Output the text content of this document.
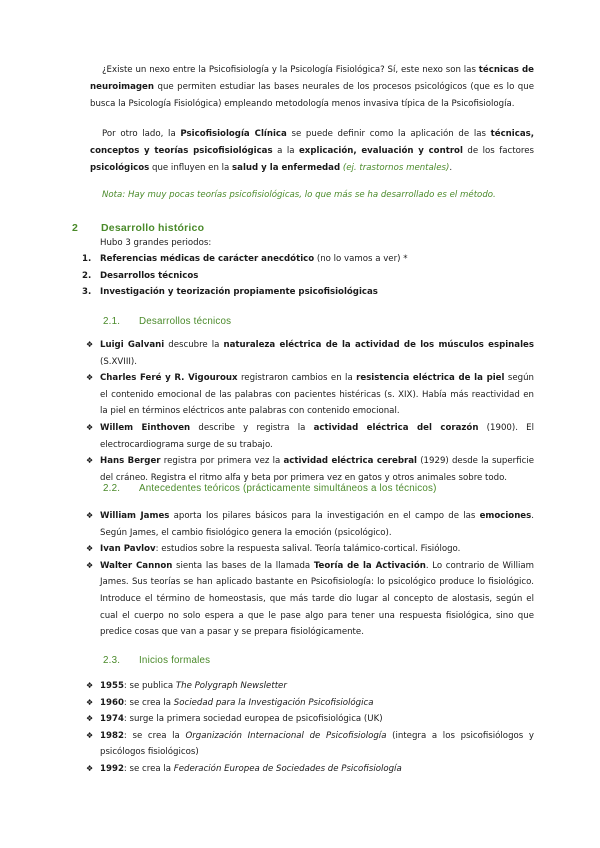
¿Existe un nexo entre la Psicofisiología y la Psicología Fisiológica? Sí, este nexo son las técnicas de neuroimagen que permiten estudiar las bases neurales de los procesos psicológicos (que es lo que busca la Psicología Fisiológica) empleando metodología menos invasiva típica de la Psicofisiología.
Por otro lado, la Psicofisiología Clínica se puede definir como la aplicación de las técnicas, conceptos y teorías psicofisiológicas a la explicación, evaluación y control de los factores psicológicos que influyen en la salud y la enfermedad (ej. trastornos mentales).
Nota: Hay muy pocas teorías psicofisiológicas, lo que más se ha desarrollado es el método.
2 Desarrollo histórico
Hubo 3 grandes periodos:
1.	Referencias médicas de carácter anecdótico (no lo vamos a ver) *
2.	Desarrollos técnicos
3.	Investigación y teorización propiamente psicofisiológicas
2.1. Desarrollos técnicos
❖ Luigi Galvani descubre la naturaleza eléctrica de la actividad de los músculos espinales (S.XVIII).
❖ Charles Feré y R. Vigouroux registraron cambios en la resistencia eléctrica de la piel según el contenido emocional de las palabras con pacientes histéricas (s. XIX). Había más reactividad en la piel en términos eléctricos ante palabras con contenido emocional.
❖ Willem Einthoven describe y registra la actividad eléctrica del corazón (1900). El electrocardiograma surge de su trabajo.
❖ Hans Berger registra por primera vez la actividad eléctrica cerebral (1929) desde la superficie del cráneo. Registra el ritmo alfa y beta por primera vez en gatos y otros animales sobre todo.
2.2. Antecedentes teóricos (prácticamente simultáneos a los técnicos)
❖ William James aporta los pilares básicos para la investigación en el campo de las emociones. Según James, el cambio fisiológico genera la emoción (psicológico).
❖ Ivan Pavlov: estudios sobre la respuesta salival. Teoría talámico-cortical. Fisiólogo.
❖ Walter Cannon sienta las bases de la llamada Teoría de la Activación. Lo contrario de William James. Sus teorías se han aplicado bastante en Psicofisiología: lo psicológico produce lo fisiológico. Introduce el término de homeostasis, que más tarde dio lugar al concepto de alostasis, según el cual el cuerpo no solo espera a que le pase algo para tener una respuesta fisiológica, sino que predice cosas que van a pasar y se prepara fisiológicamente.
2.3. Inicios formales
❖ 1955: se publica The Polygraph Newsletter
❖ 1960: se crea la Sociedad para la Investigación Psicofisiológica
❖ 1974: surge la primera sociedad europea de psicofisiológica (UK)
❖ 1982: se crea la Organización Internacional de Psicofisiología (integra a los psicofisiólogos y psicólogos fisiológicos)
❖ 1992: se crea la Federación Europea de Sociedades de Psicofisiología
